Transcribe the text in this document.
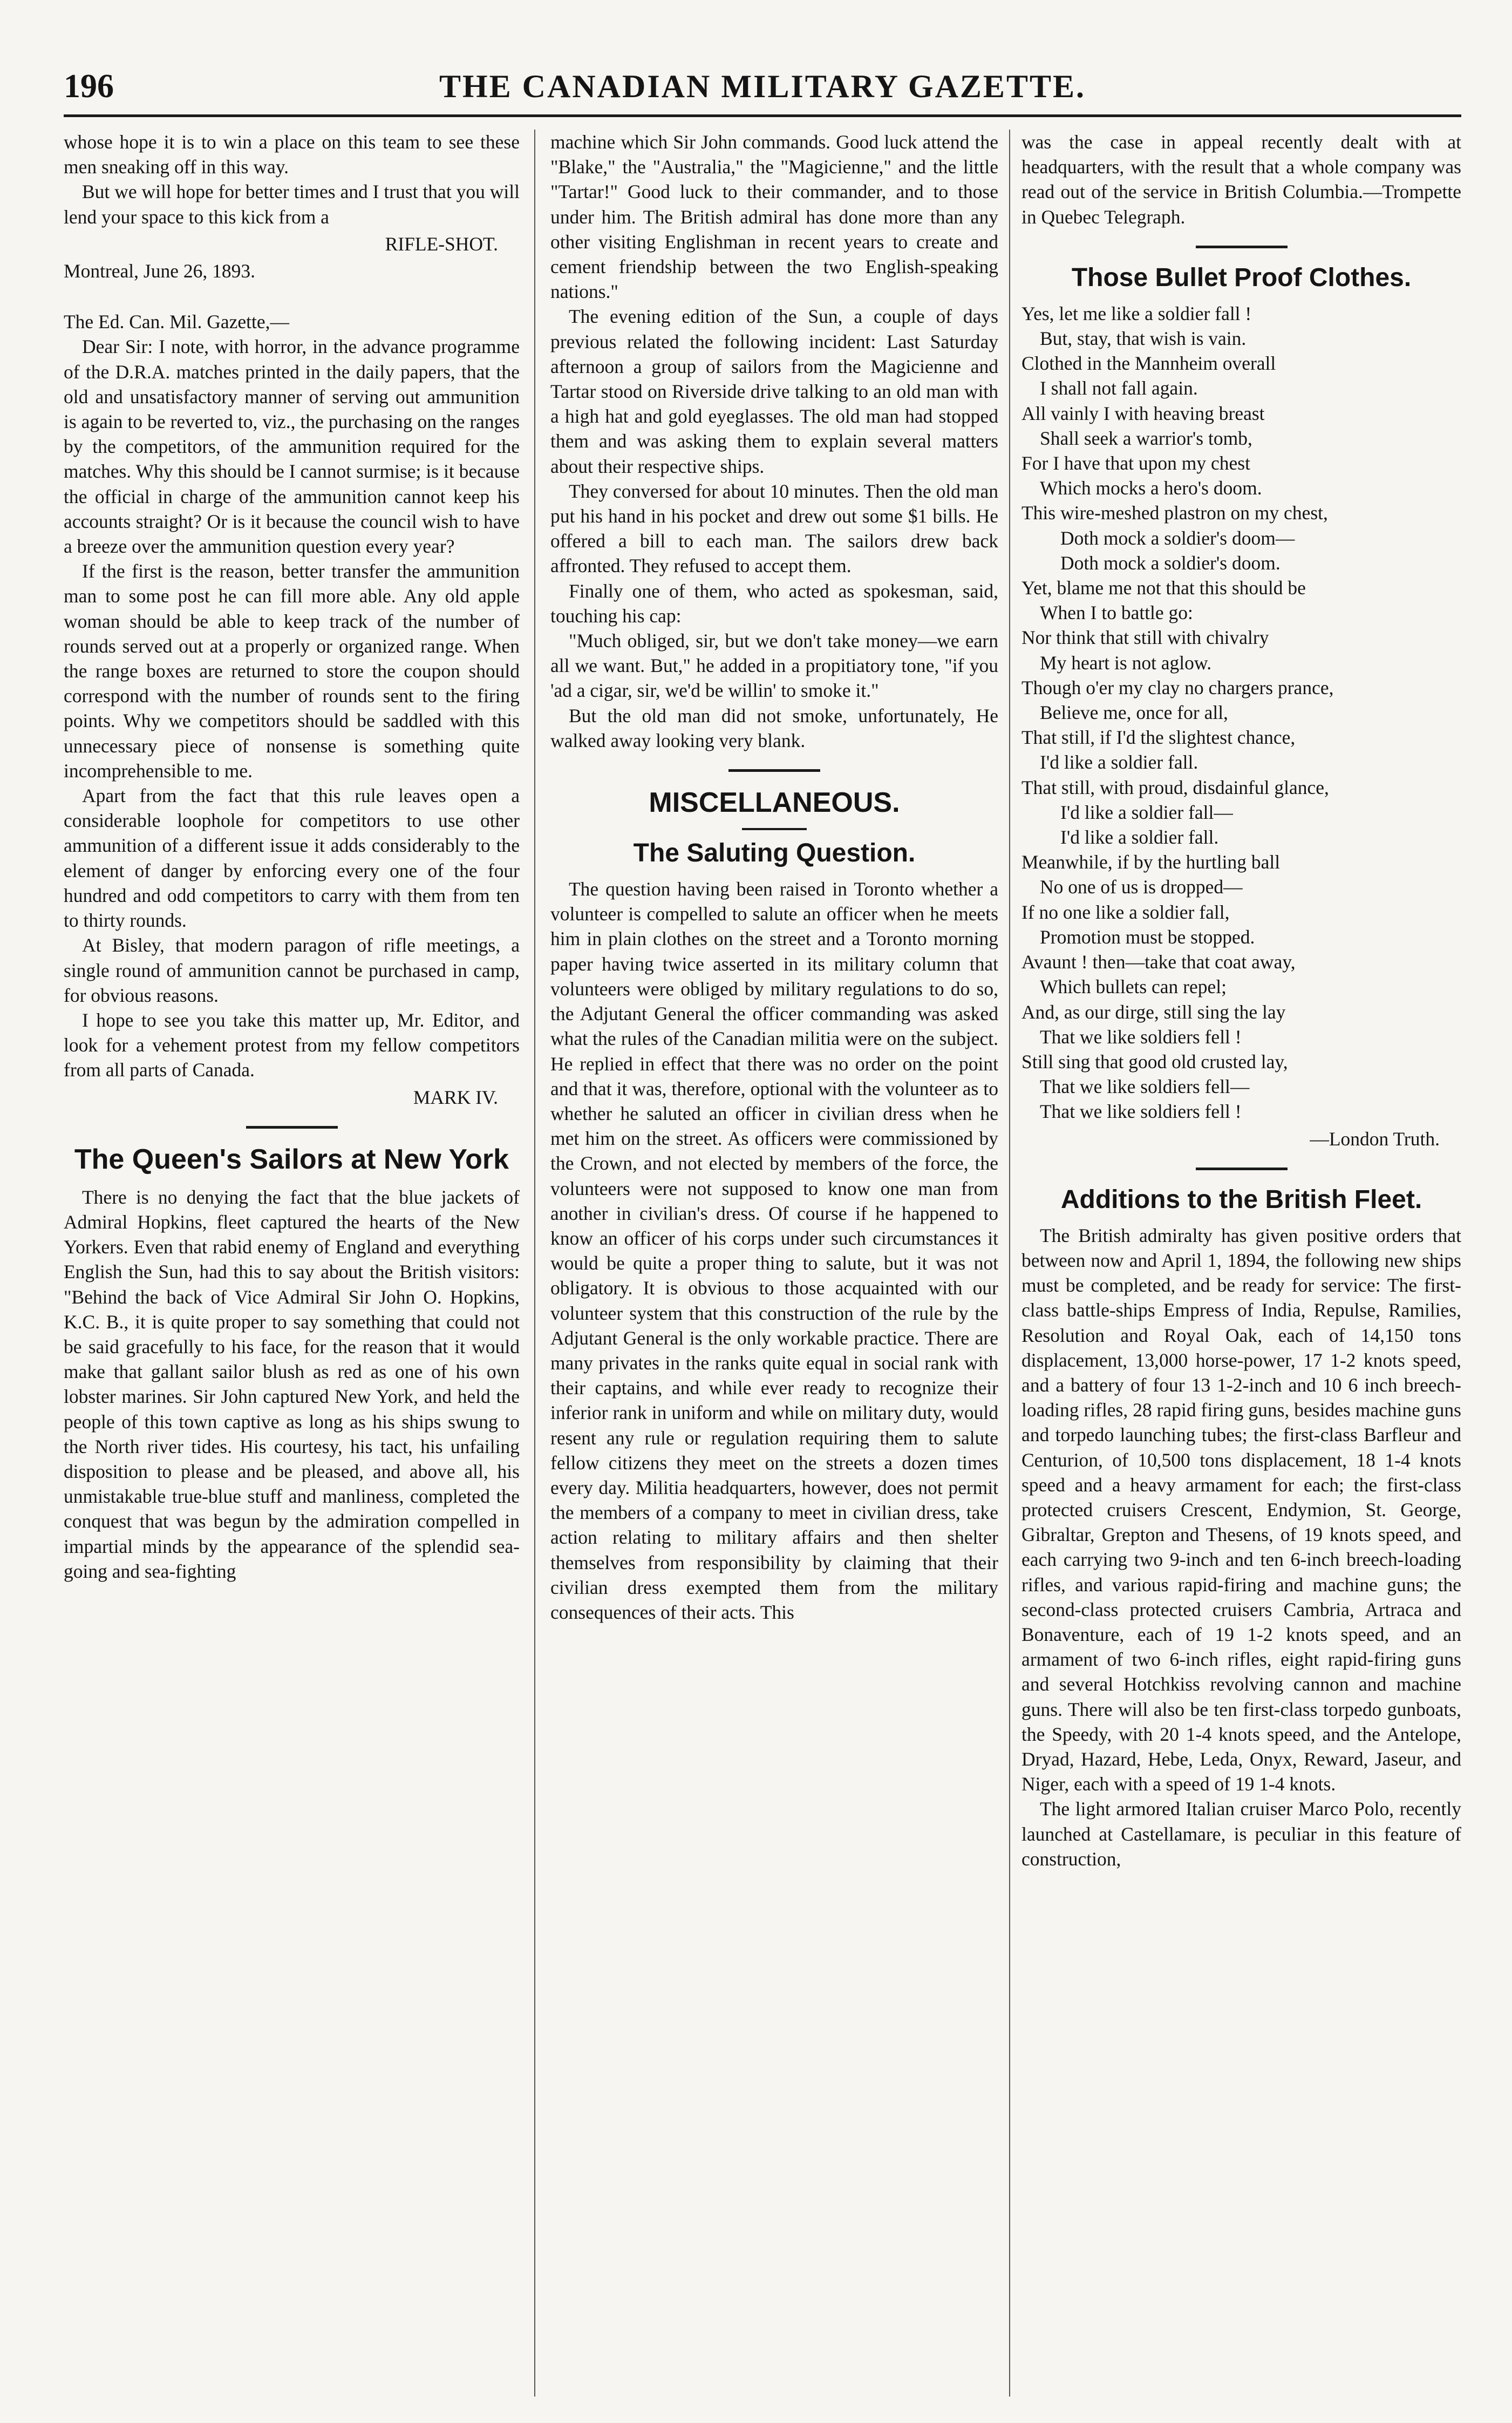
196	THE CANADIAN MILITARY GAZETTE.

whose hope it is to win a place on this team to see these men sneaking off in this way.

But we will hope for better times and I trust that you will lend your space to this kick from a

RIFLE-SHOT.

Montreal, June 26, 1893.

The Ed. Can. Mil. Gazette,—

Dear Sir: I note, with horror, in the advance programme of the D.R.A. matches printed in the daily papers, that the old and unsatisfactory manner of serving out ammunition is again to be reverted to, viz., the purchasing on the ranges by the competitors, of the ammunition required for the matches. Why this should be I cannot surmise; is it because the official in charge of the ammunition cannot keep his accounts straight? Or is it because the council wish to have a breeze over the ammunition question every year?

If the first is the reason, better transfer the ammunition man to some post he can fill more able. Any old apple woman should be able to keep track of the number of rounds served out at a properly or organized range. When the range boxes are returned to store the coupon should correspond with the number of rounds sent to the firing points. Why we competitors should be saddled with this unnecessary piece of nonsense is something quite incomprehensible to me.

Apart from the fact that this rule leaves open a considerable loophole for competitors to use other ammunition of a different issue it adds considerably to the element of danger by enforcing every one of the four hundred and odd competitors to carry with them from ten to thirty rounds.

At Bisley, that modern paragon of rifle meetings, a single round of ammunition cannot be purchased in camp, for obvious reasons.

I hope to see you take this matter up, Mr. Editor, and look for a vehement protest from my fellow competitors from all parts of Canada.

MARK IV.

The Queen's Sailors at New York

There is no denying the fact that the blue jackets of Admiral Hopkins, fleet captured the hearts of the New Yorkers. Even that rabid enemy of England and everything English the Sun, had this to say about the British visitors: "Behind the back of Vice Admiral Sir John O. Hopkins, K.C. B., it is quite proper to say something that could not be said gracefully to his face, for the reason that it would make that gallant sailor blush as red as one of his own lobster marines. Sir John captured New York, and held the people of this town captive as long as his ships swung to the North river tides. His courtesy, his tact, his unfailing disposition to please and be pleased, and above all, his unmistakable true-blue stuff and manliness, completed the conquest that was begun by the admiration compelled in impartial minds by the appearance of the splendid sea-going and sea-fighting

machine which Sir John commands. Good luck attend the "Blake," the "Australia," the "Magicienne," and the little "Tartar!" Good luck to their commander, and to those under him. The British admiral has done more than any other visiting Englishman in recent years to create and cement friendship between the two English-speaking nations."

The evening edition of the Sun, a couple of days previous related the following incident: Last Saturday afternoon a group of sailors from the Magicienne and Tartar stood on Riverside drive talking to an old man with a high hat and gold eyeglasses. The old man had stopped them and was asking them to explain several matters about their respective ships.

They conversed for about 10 minutes. Then the old man put his hand in his pocket and drew out some $1 bills. He offered a bill to each man. The sailors drew back affronted. They refused to accept them.

Finally one of them, who acted as spokesman, said, touching his cap:

"Much obliged, sir, but we don't take money—we earn all we want. But," he added in a propitiatory tone, "if you 'ad a cigar, sir, we'd be willin' to smoke it."

But the old man did not smoke, unfortunately, He walked away looking very blank.

MISCELLANEOUS.
The Saluting Question.

The question having been raised in Toronto whether a volunteer is compelled to salute an officer when he meets him in plain clothes on the street and a Toronto morning paper having twice asserted in its military column that volunteers were obliged by military regulations to do so, the Adjutant General the officer commanding was asked what the rules of the Canadian militia were on the subject. He replied in effect that there was no order on the point and that it was, therefore, optional with the volunteer as to whether he saluted an officer in civilian dress when he met him on the street. As officers were commissioned by the Crown, and not elected by members of the force, the volunteers were not supposed to know one man from another in civilian's dress. Of course if he happened to know an officer of his corps under such circumstances it would be quite a proper thing to salute, but it was not obligatory. It is obvious to those acquainted with our volunteer system that this construction of the rule by the Adjutant General is the only workable practice. There are many privates in the ranks quite equal in social rank with their captains, and while ever ready to recognize their inferior rank in uniform and while on military duty, would resent any rule or regulation requiring them to salute fellow citizens they meet on the streets a dozen times every day. Militia headquarters, however, does not permit the members of a company to meet in civilian dress, take action relating to military affairs and then shelter themselves from responsibility by claiming that their civilian dress exempted them from the military consequences of their acts. This

was the case in appeal recently dealt with at headquarters, with the result that a whole company was read out of the service in British Columbia.—Trompette in Quebec Telegraph.

Those Bullet Proof Clothes.
Yes, let me like a soldier fall !
But, stay, that wish is vain.
Clothed in the Mannheim overall
I shall not fall again.
All vainly I with heaving breast
Shall seek a warrior's tomb,
For I have that upon my chest
Which mocks a hero's doom.
This wire-meshed plastron on my chest,
Doth mock a soldier's doom—
Doth mock a soldier's doom.
Yet, blame me not that this should be
When I to battle go:
Nor think that still with chivalry
My heart is not aglow.
Though o'er my clay no chargers prance,
Believe me, once for all,
That still, if I'd the slightest chance,
I'd like a soldier fall.
That still, with proud, disdainful glance,
I'd like a soldier fall—
I'd like a soldier fall.
Meanwhile, if by the hurtling ball
No one of us is dropped—
If no one like a soldier fall,
Promotion must be stopped.
Avaunt ! then—take that coat away,
Which bullets can repel;
And, as our dirge, still sing the lay
That we like soldiers fell !
Still sing that good old crusted lay,
That we like soldiers fell—
That we like soldiers fell !

—London Truth.

Additions to the British Fleet.

The British admiralty has given positive orders that between now and April 1, 1894, the following new ships must be completed, and be ready for service: The first-class battle-ships Empress of India, Repulse, Ramilies, Resolution and Royal Oak, each of 14,150 tons displacement, 13,000 horse-power, 17 1-2 knots speed, and a battery of four 13 1-2-inch and 10 6 inch breech-loading rifles, 28 rapid firing guns, besides machine guns and torpedo launching tubes; the first-class Barfleur and Centurion, of 10,500 tons displacement, 18 1-4 knots speed and a heavy armament for each; the first-class protected cruisers Crescent, Endymion, St. George, Gibraltar, Grepton and Thesens, of 19 knots speed, and each carrying two 9-inch and ten 6-inch breech-loading rifles, and various rapid-firing and machine guns; the second-class protected cruisers Cambria, Artraca and Bonaventure, each of 19 1-2 knots speed, and an armament of two 6-inch rifles, eight rapid-firing guns and several Hotchkiss revolving cannon and machine guns. There will also be ten first-class torpedo gunboats, the Speedy, with 20 1-4 knots speed, and the Antelope, Dryad, Hazard, Hebe, Leda, Onyx, Reward, Jaseur, and Niger, each with a speed of 19 1-4 knots.

The light armored Italian cruiser Marco Polo, recently launched at Castellamare, is peculiar in this feature of construction,
